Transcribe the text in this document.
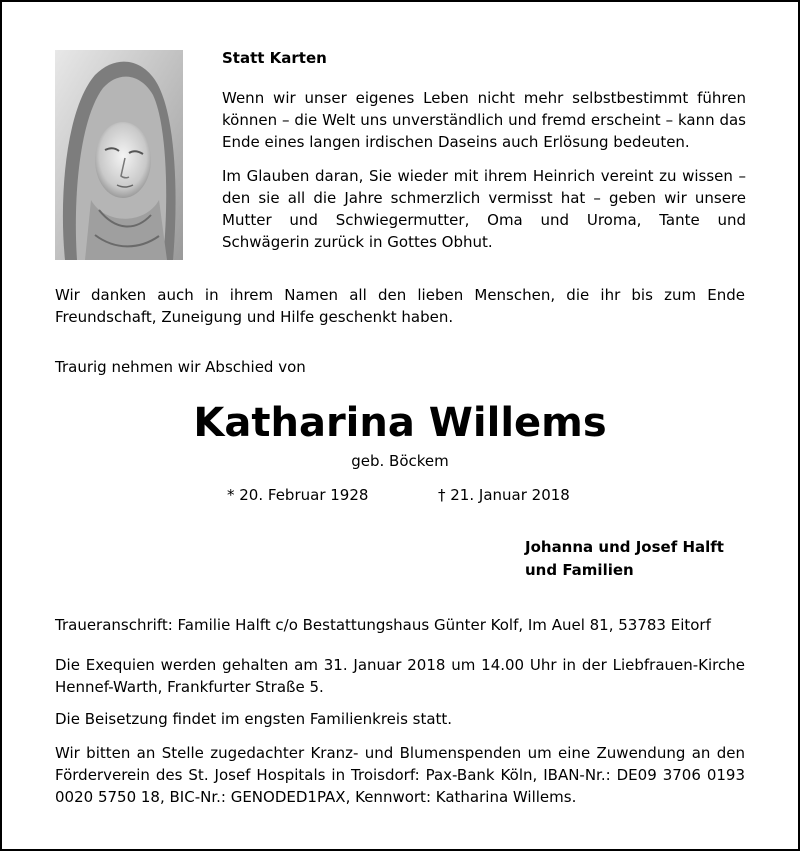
Statt Karten
Wenn wir unser eigenes Leben nicht mehr selbstbestimmt führen können – die Welt uns unverständlich und fremd erscheint – kann das Ende eines langen irdischen Daseins auch Erlösung bedeuten.
Im Glauben daran, Sie wieder mit ihrem Heinrich vereint zu wissen – den sie all die Jahre schmerzlich vermisst hat – geben wir unsere Mutter und Schwiegermutter, Oma und Uroma, Tante und Schwägerin zurück in Gottes Obhut.
Wir danken auch in ihrem Namen all den lieben Menschen, die ihr bis zum Ende Freundschaft, Zuneigung und Hilfe geschenkt haben.
Traurig nehmen wir Abschied von
Katharina Willems
geb. Böckem
* 20. Februar 1928	† 21. Januar 2018
Johanna und Josef Halft
und Familien
Traueranschrift: Familie Halft c/o Bestattungshaus Günter Kolf, Im Auel 81, 53783 Eitorf
Die Exequien werden gehalten am 31. Januar 2018 um 14.00 Uhr in der Liebfrauen-Kirche Hennef-Warth, Frankfurter Straße 5.
Die Beisetzung findet im engsten Familienkreis statt.
Wir bitten an Stelle zugedachter Kranz- und Blumenspenden um eine Zuwendung an den Förderverein des St. Josef Hospitals in Troisdorf: Pax-Bank Köln, IBAN-Nr.: DE09 3706 0193 0020 5750 18, BIC-Nr.: GENODED1PAX, Kennwort: Katharina Willems.
